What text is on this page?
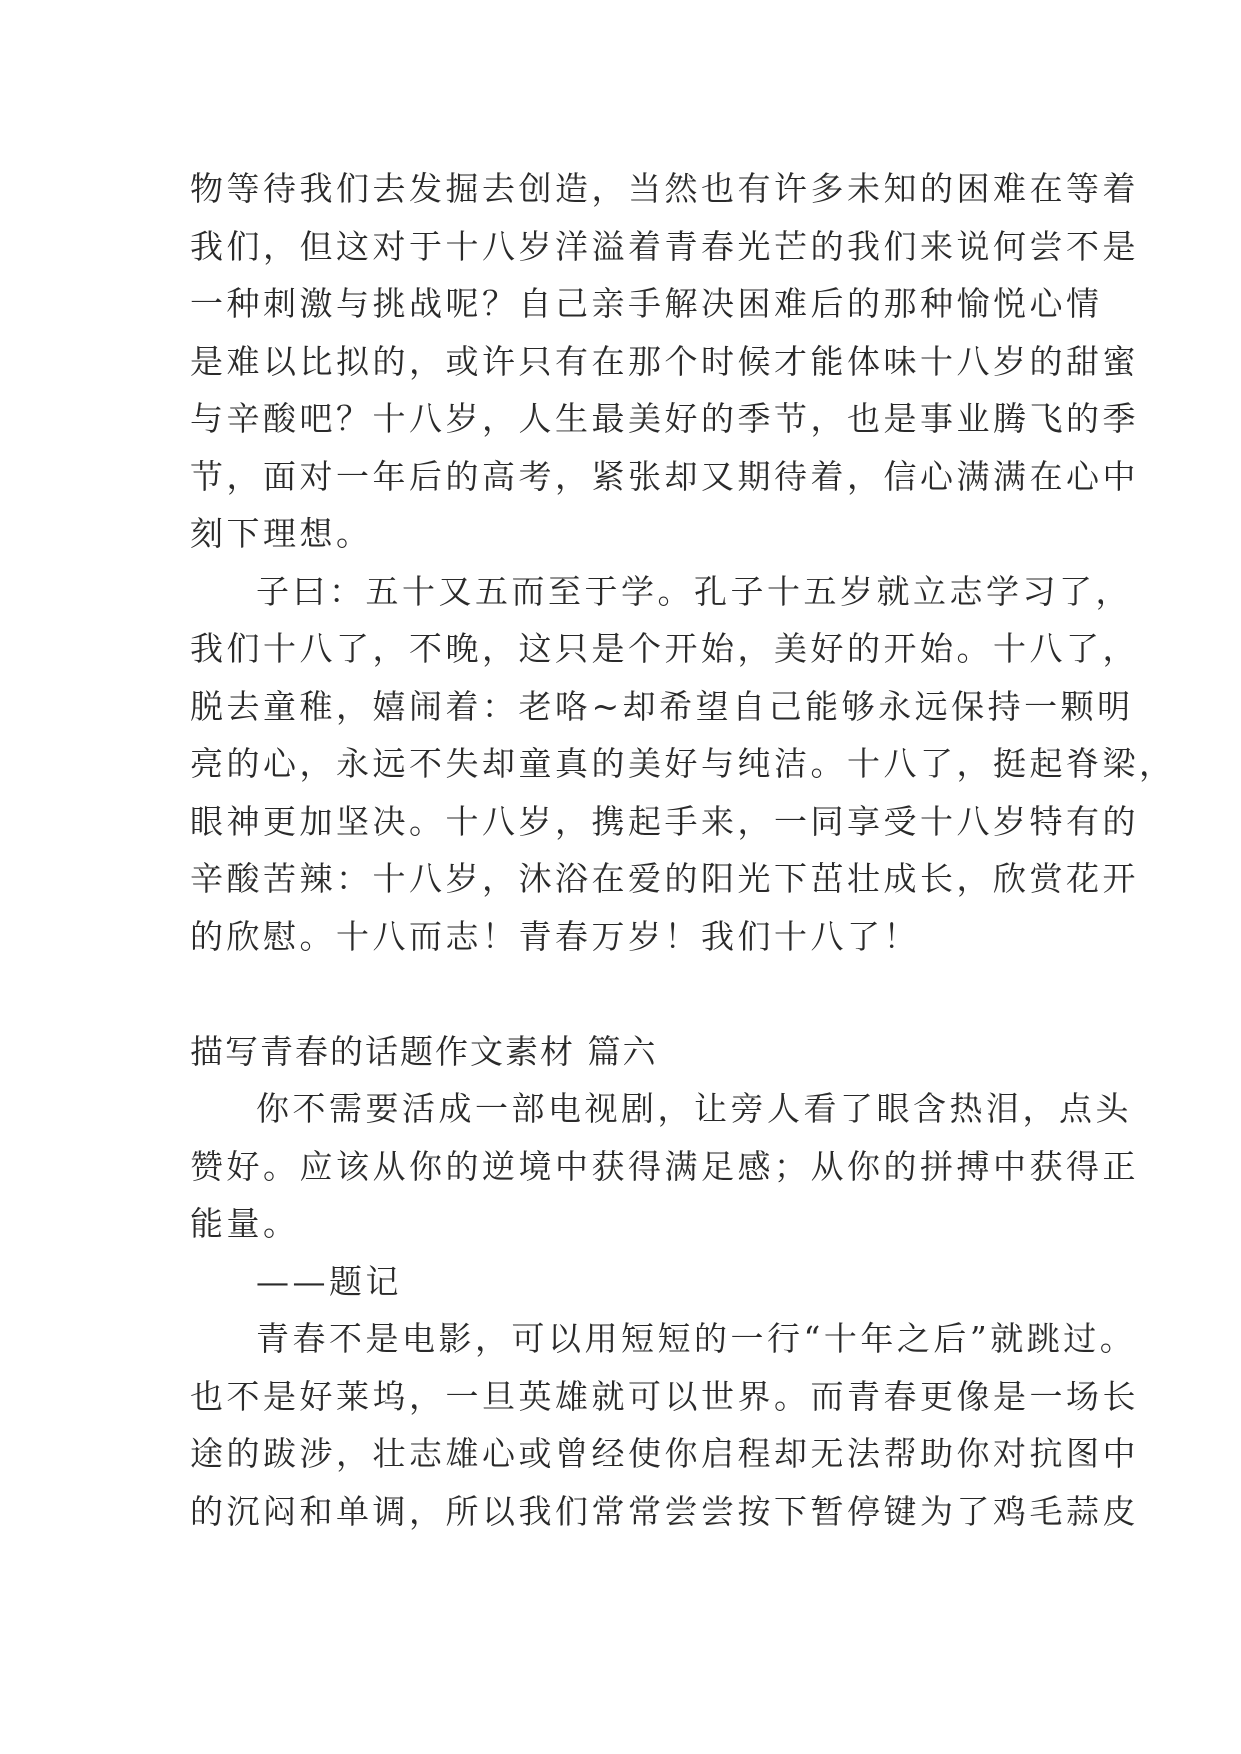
物等待我们去发掘去创造，当然也有许多未知的困难在等着
我们，但这对于十八岁洋溢着青春光芒的我们来说何尝不是
一种刺激与挑战呢？自己亲手解决困难后的那种愉悦心情
是难以比拟的，或许只有在那个时候才能体味十八岁的甜蜜
与辛酸吧？十八岁，人生最美好的季节，也是事业腾飞的季
节，面对一年后的高考，紧张却又期待着，信心满满在心中
刻下理想。
子曰：五十又五而至于学。孔子十五岁就立志学习了，
我们十八了，不晚，这只是个开始，美好的开始。十八了，
脱去童稚，嬉闹着：老咯~却希望自己能够永远保持一颗明
亮的心，永远不失却童真的美好与纯洁。十八了，挺起脊梁，
眼神更加坚决。十八岁，携起手来，一同享受十八岁特有的
辛酸苦辣：十八岁，沐浴在爱的阳光下茁壮成长，欣赏花开
的欣慰。十八而志！青春万岁！我们十八了！
描写青春的话题作文素材 篇六
你不需要活成一部电视剧，让旁人看了眼含热泪，点头
赞好。应该从你的逆境中获得满足感；从你的拼搏中获得正
能量。
——题记
青春不是电影，可以用短短的一行“十年之后”就跳过。
也不是好莱坞，一旦英雄就可以世界。而青春更像是一场长
途的跋涉，壮志雄心或曾经使你启程却无法帮助你对抗图中
的沉闷和单调，所以我们常常尝尝按下暂停键为了鸡毛蒜皮
